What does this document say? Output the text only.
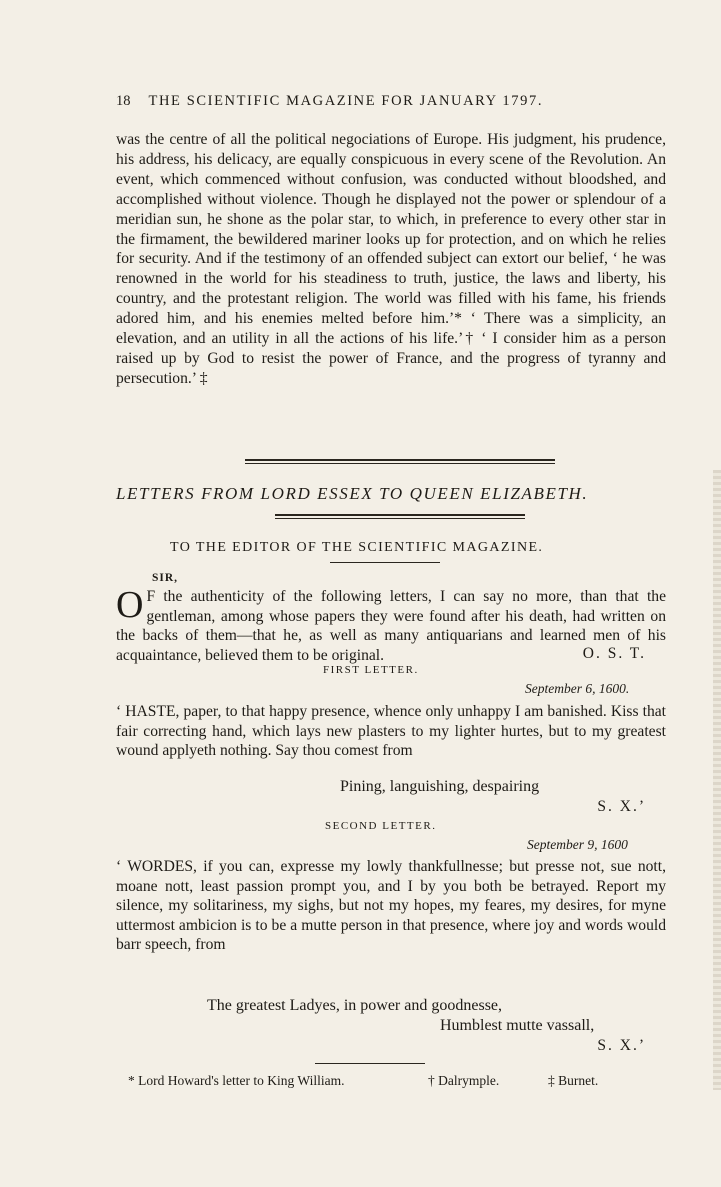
18 THE SCIENTIFIC MAGAZINE FOR JANUARY 1797.

was the centre of all the political negociations of Europe. His judgment, his prudence, his address, his delicacy, are equally conspicuous in every scene of the Revolution. An event, which commenced without confusion, was conducted without bloodshed, and accomplished without violence. Though he displayed not the power or splendour of a meridian sun, he shone as the polar star, to which, in preference to every other star in the firmament, the bewildered mariner looks up for protection, and on which he relies for security. And if the testimony of an offended subject can extort our belief, ‘ he was renowned in the world for his steadiness to truth, justice, the laws and liberty, his country, and the protestant religion. The world was filled with his fame, his friends adored him, and his enemies melted before him.’* ‘ There was a simplicity, an elevation, and an utility in all the actions of his life.’† ‘ I consider him as a person raised up by God to resist the power of France, and the progress of tyranny and persecution.’ ‡

LETTERS FROM LORD ESSEX TO QUEEN ELIZABETH.
TO THE EDITOR OF THE SCIENTIFIC MAGAZINE.
SIR,
O F the authenticity of the following letters, I can say no more, than that the gentleman, among whose papers they were found after his death, had written on the backs of them—that he, as well as many antiquarians and learned men of his acquaintance, believed them to be original.	O. S. T.
FIRST LETTER.
September 6, 1600.

‘ HASTE, paper, to that happy presence, whence only unhappy I am banished. Kiss that fair correcting hand, which lays new plasters to my lighter hurtes, but to my greatest wound applyeth nothing. Say thou comest from

Pining, languishing, despairing
S. X.’
SECOND LETTER.
September 9, 1600

‘ WORDES, if you can, expresse my lowly thankfullnesse; but presse not, sue nott, moane nott, least passion prompt you, and I by you both be betrayed. Report my silence, my solitariness, my sighs, but not my hopes, my feares, my desires, for myne uttermost ambicion is to be a mutte person in that presence, where joy and words would barr speech, from

The greatest Ladyes, in power and goodnesse,
Humblest mutte vassall,
S. X.’
* Lord Howard's letter to King William.	† Dalrymple.	‡ Burnet.
